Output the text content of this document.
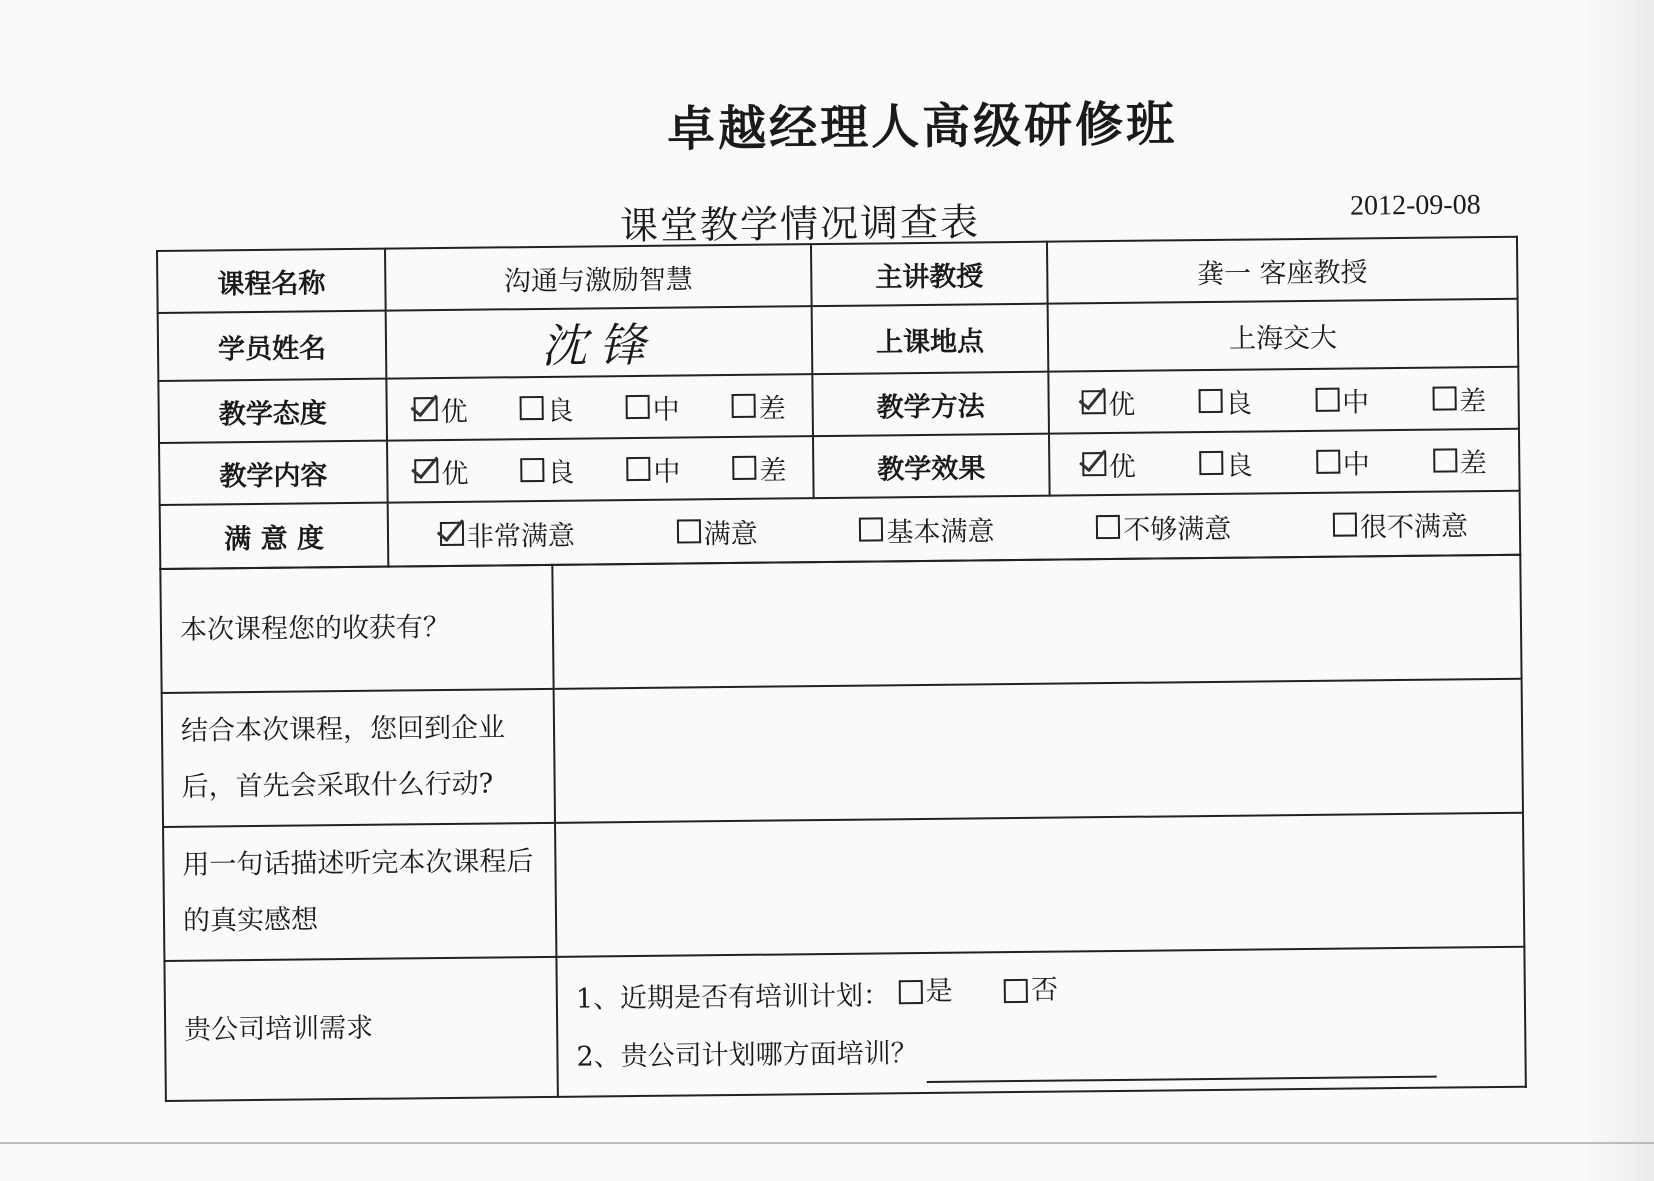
卓越经理人高级研修班
课堂教学情况调查表	2012-09-08
课程名称	沟通与激励智慧	主讲教授	龚一 客座教授
学员姓名	沈锋	上课地点	上海交大
教学态度	优 良 中 差	教学方法	优 良 中 差

教学内容	优 良 中 差	教学效果	优 良 中 差

满 意 度	非常满意 满意 基本满意 不够满意 很不满意		
本次课程您的收获有？	
结合本次课程，您回到企业后，首先会采取什么行动?	
用一句话描述听完本次课程后的真实感想	
贵公司培训需求	1、近期是否有培训计划： 是
否
2、贵公司计划哪方面培训？
